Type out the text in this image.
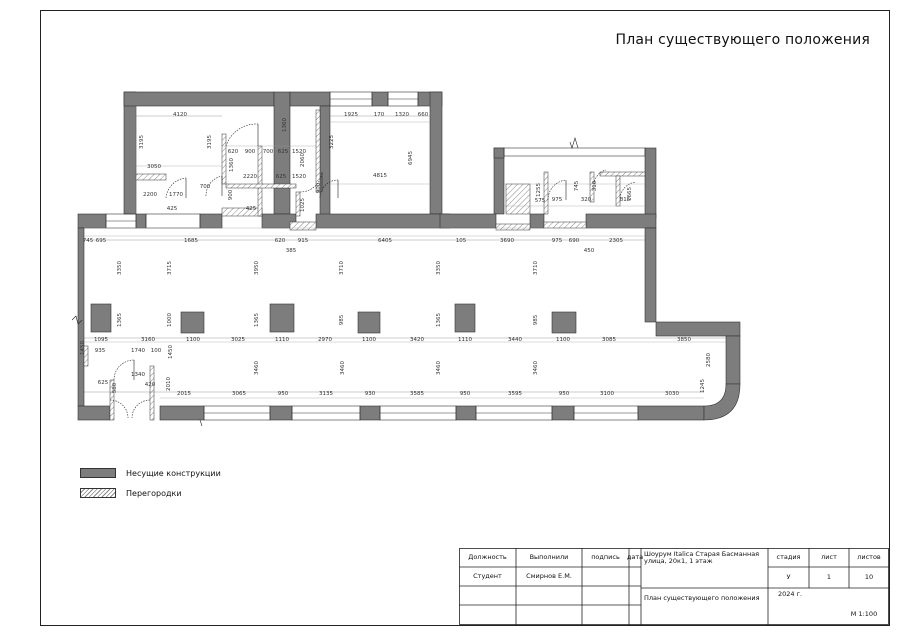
745 695	1685	620 915	6405	105	3690	975 690	2305
385	450
4120
3050
2200 1770
425
620 900 700 625 1520
2220	625 1520
425
1360
1925	170 1320 660
4815
6945
3195	3195	3225
2060
1025
1360
900
700	900
975
575
1255	745 310
320	815
1665
3350	3715	3950	3710	3350	3710
1365	1000	1365	985	1365	985
1095	3160	1100	3025	1110	2970	1100	3420	1110	3440	1100	3085	3850
3460	3460	3460	3460
2015	3065	950	3135	930	3585	950	3595	950	3100	3030
1450 935	1740 100 1450
625 580
1340
420 2010
2580
1245
План существующего положения
Несущие конструкции
Перегородки
Должность	Выполнили	подпись	дата
Студент	Смирнов Е.М.
Шоурум Italica Старая Басманная улица, 20к1, 1 этаж
стадия	лист	листов
У	1	10
План существующего положения	2024 г.
М 1:100
